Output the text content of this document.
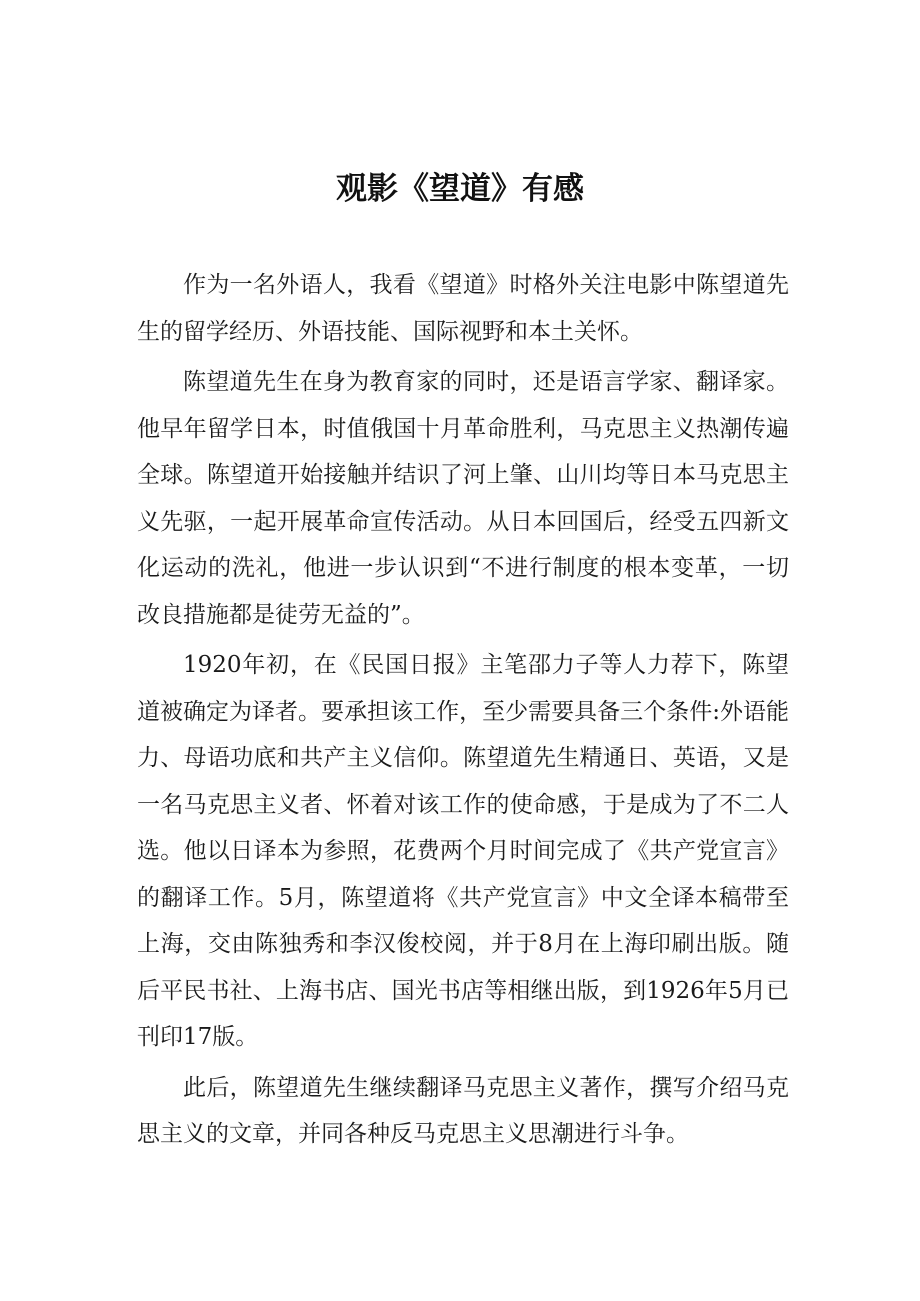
观影《望道》有感

作为一名外语人，我看《望道》时格外关注电影中陈望道先生的留学经历、外语技能、国际视野和本土关怀。

陈望道先生在身为教育家的同时，还是语言学家、翻译家。他早年留学日本，时值俄国十月革命胜利，马克思主义热潮传遍全球。陈望道开始接触并结识了河上肇、山川均等日本马克思主义先驱，一起开展革命宣传活动。从日本回国后，经受五四新文化运动的洗礼，他进一步认识到“不进行制度的根本变革，一切改良措施都是徒劳无益的”。

1920年初，在《民国日报》主笔邵力子等人力荐下，陈望道被确定为译者。要承担该工作，至少需要具备三个条件:外语能力、母语功底和共产主义信仰。陈望道先生精通日、英语，又是一名马克思主义者、怀着对该工作的使命感，于是成为了不二人选。他以日译本为参照，花费两个月时间完成了《共产党宣言》的翻译工作。5月，陈望道将《共产党宣言》中文全译本稿带至上海，交由陈独秀和李汉俊校阅，并于8月在上海印刷出版。随后平民书社、上海书店、国光书店等相继出版，到1926年5月已刊印17版。

此后，陈望道先生继续翻译马克思主义著作，撰写介绍马克思主义的文章，并同各种反马克思主义思潮进行斗争。
